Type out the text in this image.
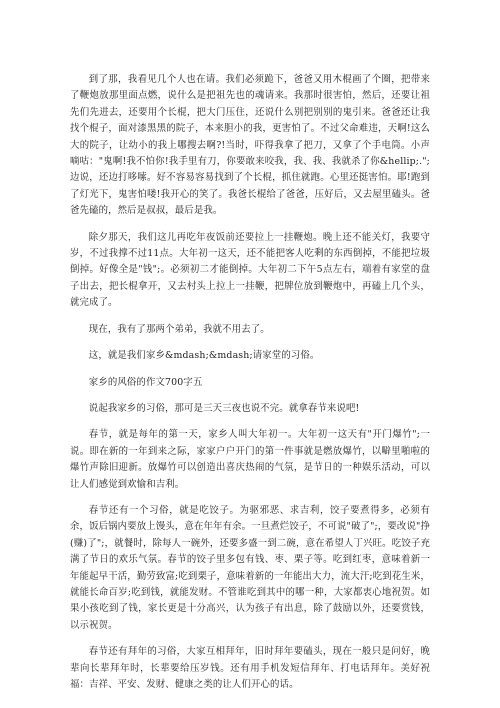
到了那，我看见几个人也在请。我们必须跪下，爸爸又用木棍画了个圈，把带来了鞭炮放那里面点燃，说什么是把祖先也的魂请来。我那时很害怕，然后，还要让祖先们先进去，还要用个长棍，把大门压住，还说什么别把别别的鬼引来。爸爸还让我找个棍子，面对漆黑黑的院子，本来胆小的我，更害怕了。不过父命难违，天啊!这么大的院子，让幼小的我上哪搜去啊?!当时，吓得我拿了把刀，又拿了个手电筒。小声嘀咕："鬼啊!我不怕你!我手里有刀，你要敢来咬我，我、我、我就杀了你&hellip;.";边说，还边打哆嗦。好不容易容易找到了个长棍，抓住就跑。心里还挺害怕。耶!跑到了灯光下，鬼害怕喽!我开心的笑了。我爸长棍给了爸爸，压好后，又去屋里磕头。爸爸先磕的，然后是叔叔，最后是我。

除夕那天，我们这儿再吃年夜饭前还要拉上一挂鞭炮。晚上还不能关灯，我要守岁，不过我撑不过11点。大年初一这天，还不能把客人吃剩的东西倒掉，不能把垃圾倒掉。好像全是"钱";。必须初二才能倒掉。大年初二下午5点左右，端着有家堂的盘子出去，把长棍拿开，又去村头上拉上一挂鞭，把牌位放到鞭炮中，再磕上几个头，就完成了。

现在，我有了那两个弟弟，我就不用去了。

这，就是我们家乡&mdash;&mdash;请家堂的习俗。

家乡的风俗的作文700字五

说起我家乡的习俗，那可是三天三夜也说不完。就拿春节来说吧!

春节，就是每年的第一天，家乡人叫大年初一。大年初一这天有"开门爆竹";一说。即在新的一年到来之际，家家户户开门的第一件事就是燃放爆竹，以噼里啪啦的爆竹声除旧迎新。放爆竹可以创造出喜庆热闹的气氛，是节日的一种娱乐活动，可以让人们感觉到欢愉和吉利。

春节还有一个习俗，就是吃饺子。为驱邪恶、求吉利，饺子要煮得多，必须有余，饭后锅内要放上馒头，意在年年有余。一旦煮烂饺子，不可说"破了";，要改说"挣(赚)了";，就餐时，除每人一碗外，还要多盛一到二碗，意在希望人丁兴旺。吃饺子充满了节日的欢乐气氛。春节的饺子里多包有钱、枣、栗子等。吃到红枣，意味着新一年能起早干活，勤劳致富;吃到栗子，意味着新的一年能出大力，流大汗;吃到花生米，就能长命百岁;吃到钱，就能发财。不管谁吃到其中的哪一种，大家都衷心地祝贺。如果小孩吃到了钱，家长更是十分高兴，认为孩子有出息，除了鼓励以外，还要赏钱，以示祝贺。

春节还有拜年的习俗，大家互相拜年，旧时拜年要磕头，现在一般只是问好，晚辈向长辈拜年时，长辈要给压岁钱。还有用手机发短信拜年、打电话拜年。美好祝福：吉祥、平安、发财、健康之类的让人们开心的话。
